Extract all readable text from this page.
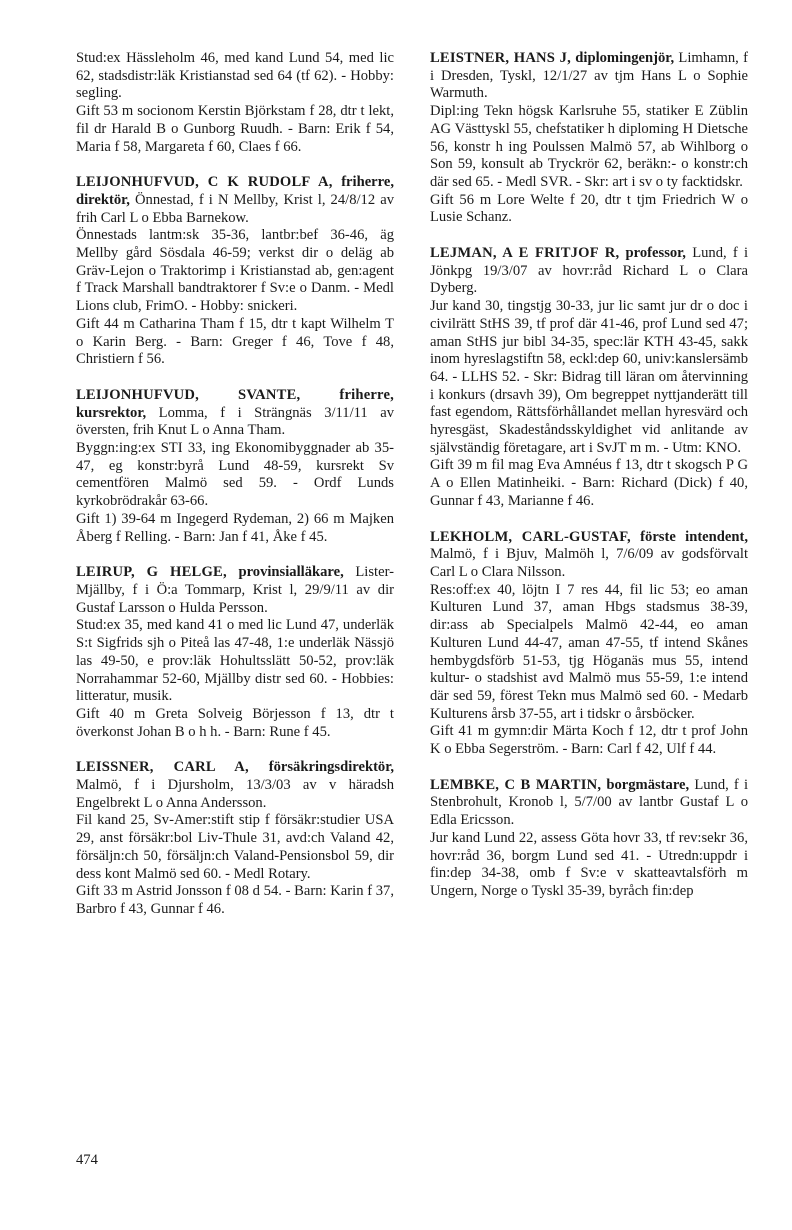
Stud:ex Hässleholm 46, med kand Lund 54, med lic 62, stadsdistr:läk Kristianstad sed 64 (tf 62). - Hobby: segling.

Gift 53 m socionom Kerstin Björkstam f 28, dtr t lekt, fil dr Harald B o Gunborg Ruudh. - Barn: Erik f 54, Maria f 58, Margareta f 60, Claes f 66.

LEIJONHUFVUD, C K RUDOLF A, friherre, direktör, Önnestad, f i N Mellby, Krist l, 24/8/12 av frih Carl L o Ebba Barnekow.

Önnestads lantm:sk 35-36, lantbr:bef 36-46, äg Mellby gård Sösdala 46-59; verkst dir o deläg ab Gräv-Lejon o Traktorimp i Kristianstad ab, gen:agent f Track Marshall bandtraktorer f Sv:e o Danm. - Medl Lions club, FrimO. - Hobby: snickeri.

Gift 44 m Catharina Tham f 15, dtr t kapt Wilhelm T o Karin Berg. - Barn: Greger f 46, Tove f 48, Christiern f 56.

LEIJONHUFVUD, SVANTE, friherre, kursrektor, Lomma, f i Strängnäs 3/11/11 av översten, frih Knut L o Anna Tham.

Byggn:ing:ex STI 33, ing Ekonomibyggnader ab 35-47, eg konstr:byrå Lund 48-59, kursrekt Sv cementfören Malmö sed 59. - Ordf Lunds kyrkobrödrakår 63-66.

Gift 1) 39-64 m Ingegerd Rydeman, 2) 66 m Majken Åberg f Relling. - Barn: Jan f 41, Åke f 45.

LEIRUP, G HELGE, provinsialläkare, Lister-Mjällby, f i Ö:a Tommarp, Krist l, 29/9/11 av dir Gustaf Larsson o Hulda Persson.

Stud:ex 35, med kand 41 o med lic Lund 47, underläk S:t Sigfrids sjh o Piteå las 47-48, 1:e underläk Nässjö las 49-50, e prov:läk Hohultsslätt 50-52, prov:läk Norrahammar 52-60, Mjällby distr sed 60. - Hobbies: litteratur, musik.

Gift 40 m Greta Solveig Börjesson f 13, dtr t överkonst Johan B o h h. - Barn: Rune f 45.

LEISSNER, CARL A, försäkringsdirektör, Malmö, f i Djursholm, 13/3/03 av v häradsh Engelbrekt L o Anna Andersson.

Fil kand 25, Sv-Amer:stift stip f försäkr:studier USA 29, anst försäkr:bol Liv-Thule 31, avd:ch Valand 42, försäljn:ch 50, försäljn:ch Valand-Pensionsbol 59, dir dess kont Malmö sed 60. - Medl Rotary.

Gift 33 m Astrid Jonsson f 08 d 54. - Barn: Karin f 37, Barbro f 43, Gunnar f 46.

LEISTNER, HANS J, diplomingenjör, Limhamn, f i Dresden, Tyskl, 12/1/27 av tjm Hans L o Sophie Warmuth.

Dipl:ing Tekn högsk Karlsruhe 55, statiker E Züblin AG Västtyskl 55, chefstatiker h diploming H Dietsche 56, konstr h ing Poulssen Malmö 57, ab Wihlborg o Son 59, konsult ab Tryckrör 62, beräkn:- o konstr:ch där sed 65. - Medl SVR. - Skr: art i sv o ty facktidskr.

Gift 56 m Lore Welte f 20, dtr t tjm Friedrich W o Lusie Schanz.

LEJMAN, A E FRITJOF R, professor, Lund, f i Jönkpg 19/3/07 av hovr:råd Richard L o Clara Dyberg.

Jur kand 30, tingstjg 30-33, jur lic samt jur dr o doc i civilrätt StHS 39, tf prof där 41-46, prof Lund sed 47; aman StHS jur bibl 34-35, spec:lär KTH 43-45, sakk inom hyreslagstiftn 58, eckl:dep 60, univ:kanslersämb 64. - LLHS 52. - Skr: Bidrag till läran om återvinning i konkurs (drsavh 39), Om begreppet nyttjanderätt till fast egendom, Rättsförhållandet mellan hyresvärd och hyresgäst, Skadeståndsskyldighet vid anlitande av självständig företagare, art i SvJT m m. - Utm: KNO.

Gift 39 m fil mag Eva Amnéus f 13, dtr t skogsch P G A o Ellen Matinheiki. - Barn: Richard (Dick) f 40, Gunnar f 43, Marianne f 46.

LEKHOLM, CARL-GUSTAF, förste intendent, Malmö, f i Bjuv, Malmöh l, 7/6/09 av godsförvalt Carl L o Clara Nilsson.

Res:off:ex 40, löjtn I 7 res 44, fil lic 53; eo aman Kulturen Lund 37, aman Hbgs stadsmus 38-39, dir:ass ab Specialpels Malmö 42-44, eo aman Kulturen Lund 44-47, aman 47-55, tf intend Skånes hembygdsförb 51-53, tjg Höganäs mus 55, intend kultur- o stadshist avd Malmö mus 55-59, 1:e intend där sed 59, förest Tekn mus Malmö sed 60. - Medarb Kulturens årsb 37-55, art i tidskr o årsböcker.

Gift 41 m gymn:dir Märta Koch f 12, dtr t prof John K o Ebba Segerström. - Barn: Carl f 42, Ulf f 44.

LEMBKE, C B MARTIN, borgmästare, Lund, f i Stenbrohult, Kronob l, 5/7/00 av lantbr Gustaf L o Edla Ericsson.

Jur kand Lund 22, assess Göta hovr 33, tf rev:sekr 36, hovr:råd 36, borgm Lund sed 41. - Utredn:uppdr i fin:dep 34-38, omb f Sv:e v skatteavtalsförh m Ungern, Norge o Tyskl 35-39, byråch fin:dep

474
